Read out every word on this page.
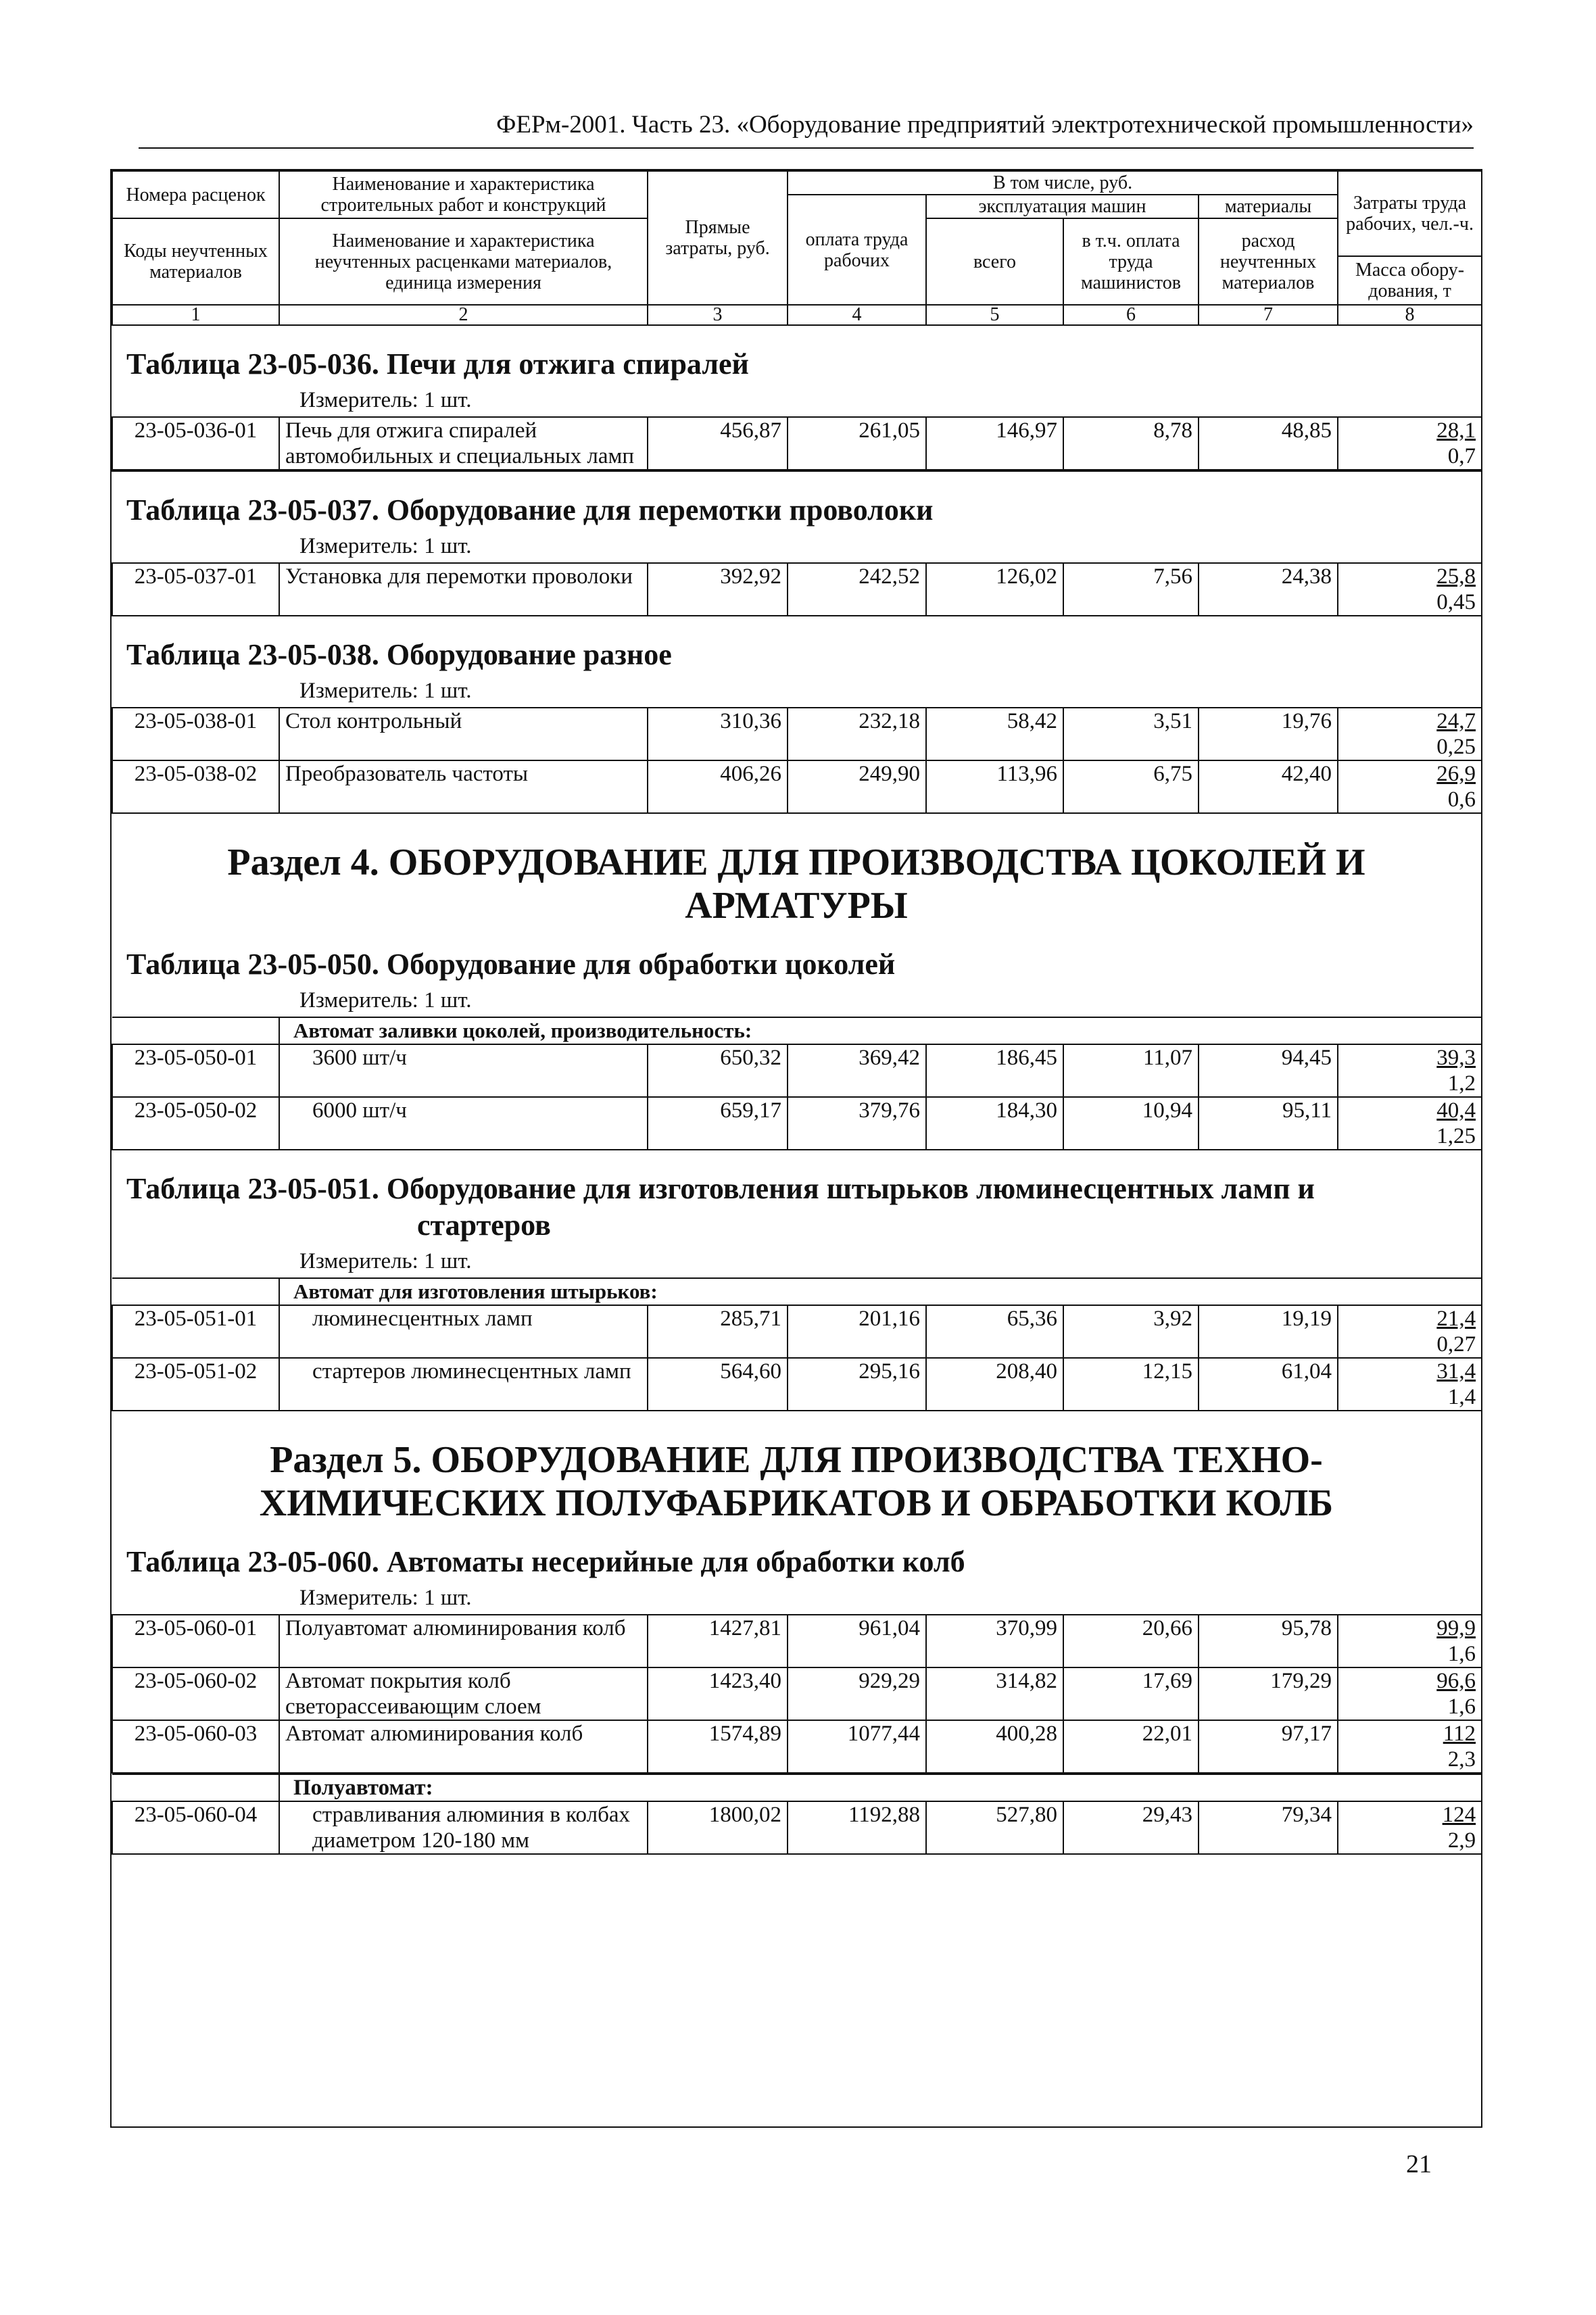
ФЕРм-2001. Часть 23. «Оборудование предприятий электротехнической промышленности»
Номера расценок	Наименование и характеристика строительных работ и конструкций	Прямые затраты, руб.	В том числе, руб.				Затраты труда рабочих, чел.-ч.
			оплата труда рабочих	эксплуатация машин		материалы	
Коды неучтенных материалов	Наименование и характеристика неучтенных расценками материалов, единица измерения			всего	в т.ч. оплата труда машинистов	расход неучтенных материалов	
							Масса обору-дования, т
1	2	3	4	5	6	7	8
Таблица 23-05-036. Печи для отжига спиралей
Измеритель: 1 шт.
23-05-036-01	Печь для отжига спиралей автомобильных и специальных ламп	456,87	261,05	146,97	8,78	48,85	28,1
0,7
Таблица 23-05-037. Оборудование для перемотки проволоки
Измеритель: 1 шт.
23-05-037-01	Установка для перемотки проволоки	392,92	242,52	126,02	7,56	24,38	25,8
0,45
Таблица 23-05-038. Оборудование разное
Измеритель: 1 шт.
23-05-038-01	Стол контрольный	310,36	232,18	58,42	3,51	19,76	24,7
0,25

23-05-038-02	Преобразователь частоты	406,26	249,90	113,96	6,75	42,40	26,9
0,6
Раздел 4. ОБОРУДОВАНИЕ ДЛЯ ПРОИЗВОДСТВА ЦОКОЛЕЙ И АРМАТУРЫ
Таблица 23-05-050. Оборудование для обработки цоколей
Измеритель: 1 шт.
	Автомат заливки цоколей, производительность:						
23-05-050-01	3600 шт/ч	650,32	369,42	186,45	11,07	94,45	39,3
1,2

23-05-050-02	6000 шт/ч	659,17	379,76	184,30	10,94	95,11	40,4
1,25
Таблица 23-05-051. Оборудование для изготовления штырьков люминесцентных ламп и
стартеров
Измеритель: 1 шт.
	Автомат для изготовления штырьков:						
23-05-051-01	люминесцентных ламп	285,71	201,16	65,36	3,92	19,19	21,4
0,27

23-05-051-02	стартеров люминесцентных ламп	564,60	295,16	208,40	12,15	61,04	31,4
1,4
Раздел 5. ОБОРУДОВАНИЕ ДЛЯ ПРОИЗВОДСТВА ТЕХНО-ХИМИЧЕСКИХ ПОЛУФАБРИКАТОВ И ОБРАБОТКИ КОЛБ
Таблица 23-05-060. Автоматы несерийные для обработки колб
Измеритель: 1 шт.
23-05-060-01	Полуавтомат алюминирования колб	1427,81	961,04	370,99	20,66	95,78	99,9
1,6

23-05-060-02	Автомат покрытия колб светорассеивающим слоем	1423,40	929,29	314,82	17,69	179,29	96,6
1,6

23-05-060-03	Автомат алюминирования колб	1574,89	1077,44	400,28	22,01	97,17	112
2,3
	Полуавтомат:						
23-05-060-04	стравливания алюминия в колбах диаметром 120-180 мм	1800,02	1192,88	527,80	29,43	79,34	124
2,9
21
